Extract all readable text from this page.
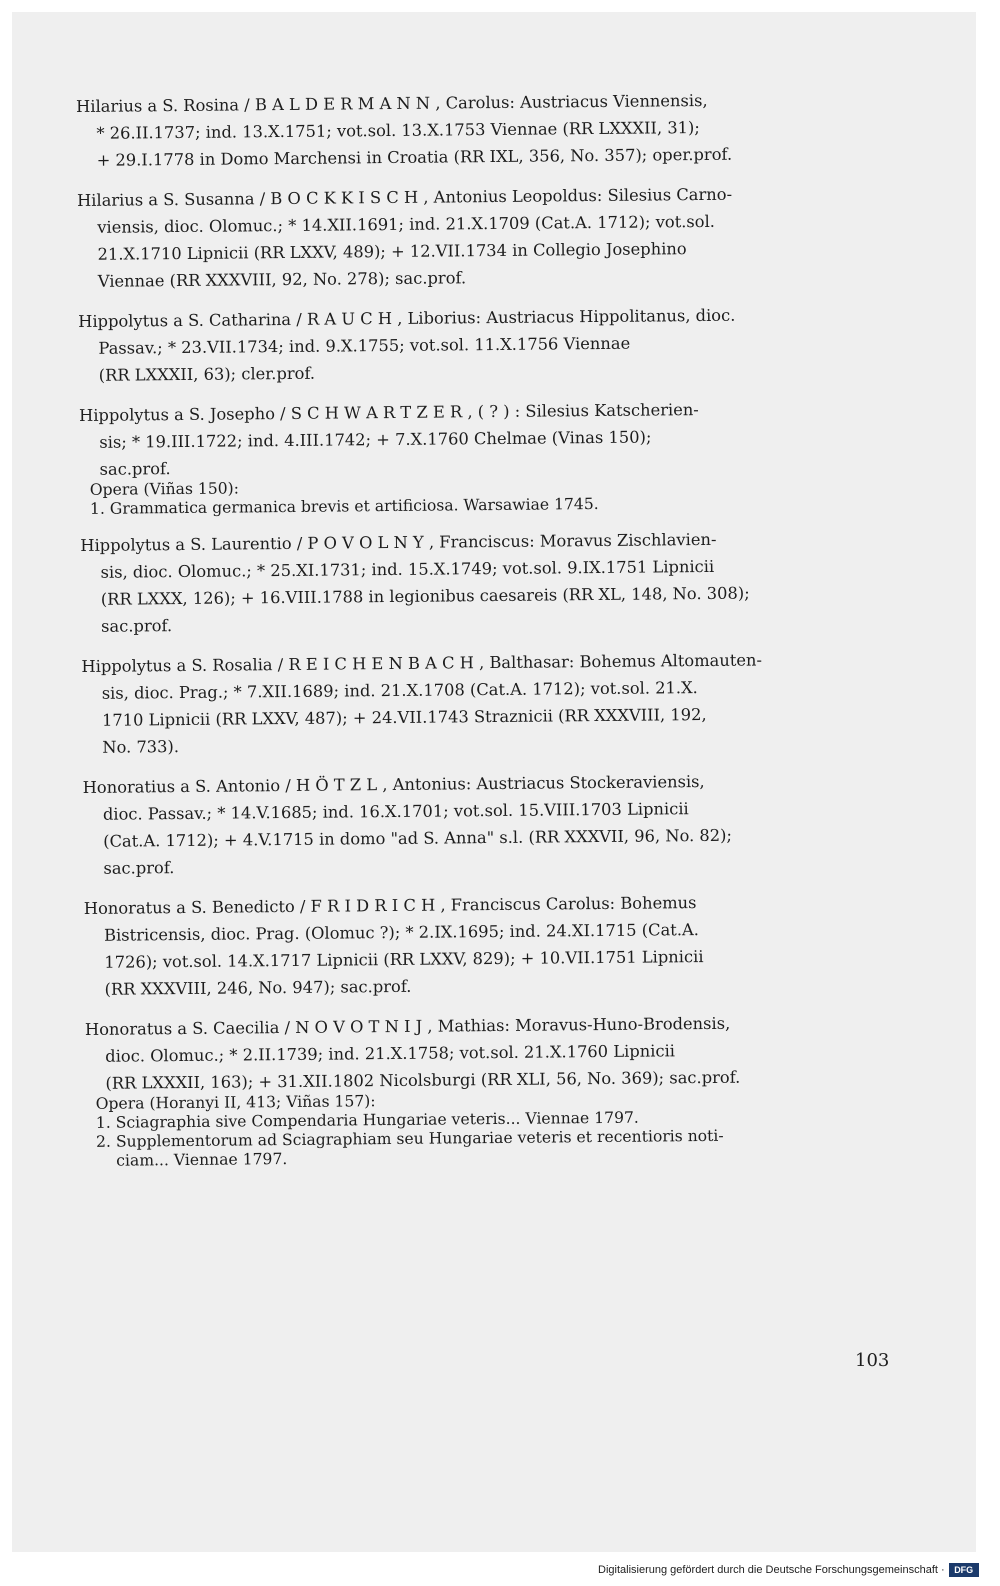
Hilarius a S. Rosina / B A L D E R M A N N , Carolus: Austriacus Viennensis,
* 26.II.1737; ind. 13.X.1751; vot.sol. 13.X.1753 Viennae (RR LXXXII, 31);
+ 29.I.1778 in Domo Marchensi in Croatia (RR IXL, 356, No. 357); oper.prof.
Hilarius a S. Susanna / B O C K K I S C H , Antonius Leopoldus: Silesius Carno-
viensis, dioc. Olomuc.; * 14.XII.1691; ind. 21.X.1709 (Cat.A. 1712); vot.sol.
21.X.1710 Lipnicii (RR LXXV, 489); + 12.VII.1734 in Collegio Josephino
Viennae (RR XXXVIII, 92, No. 278); sac.prof.
Hippolytus a S. Catharina / R A U C H , Liborius: Austriacus Hippolitanus, dioc.
Passav.; * 23.VII.1734; ind. 9.X.1755; vot.sol. 11.X.1756 Viennae
(RR LXXXII, 63); cler.prof.
Hippolytus a S. Josepho / S C H W A R T Z E R , ( ? ) : Silesius Katscherien-
sis; * 19.III.1722; ind. 4.III.1742; + 7.X.1760 Chelmae (Vinas 150);
sac.prof.
Opera (Viñas 150):
1. Grammatica germanica brevis et artificiosa. Warsawiae 1745.
Hippolytus a S. Laurentio / P O V O L N Y , Franciscus: Moravus Zischlavien-
sis, dioc. Olomuc.; * 25.XI.1731; ind. 15.X.1749; vot.sol. 9.IX.1751 Lipnicii
(RR LXXX, 126); + 16.VIII.1788 in legionibus caesareis (RR XL, 148, No. 308);
sac.prof.
Hippolytus a S. Rosalia / R E I C H E N B A C H , Balthasar: Bohemus Altomauten-
sis, dioc. Prag.; * 7.XII.1689; ind. 21.X.1708 (Cat.A. 1712); vot.sol. 21.X.
1710 Lipnicii (RR LXXV, 487); + 24.VII.1743 Straznicii (RR XXXVIII, 192,
No. 733).
Honoratius a S. Antonio / H Ö T Z L , Antonius: Austriacus Stockeraviensis,
dioc. Passav.; * 14.V.1685; ind. 16.X.1701; vot.sol. 15.VIII.1703 Lipnicii
(Cat.A. 1712); + 4.V.1715 in domo "ad S. Anna" s.l. (RR XXXVII, 96, No. 82);
sac.prof.
Honoratus a S. Benedicto / F R I D R I C H , Franciscus Carolus: Bohemus
Bistricensis, dioc. Prag. (Olomuc ?); * 2.IX.1695; ind. 24.XI.1715 (Cat.A.
1726); vot.sol. 14.X.1717 Lipnicii (RR LXXV, 829); + 10.VII.1751 Lipnicii
(RR XXXVIII, 246, No. 947); sac.prof.
Honoratus a S. Caecilia / N O V O T N I J , Mathias: Moravus-Huno-Brodensis,
dioc. Olomuc.; * 2.II.1739; ind. 21.X.1758; vot.sol. 21.X.1760 Lipnicii
(RR LXXXII, 163); + 31.XII.1802 Nicolsburgi (RR XLI, 56, No. 369); sac.prof.
Opera (Horanyi II, 413; Viñas 157):
1. Sciagraphia sive Compendaria Hungariae veteris... Viennae 1797.
2. Supplementorum ad Sciagraphiam seu Hungariae veteris et recentioris noti-
ciam... Viennae 1797.
103
Digitalisierung gefördert durch die Deutsche Forschungsgemeinschaft ·	DFG
